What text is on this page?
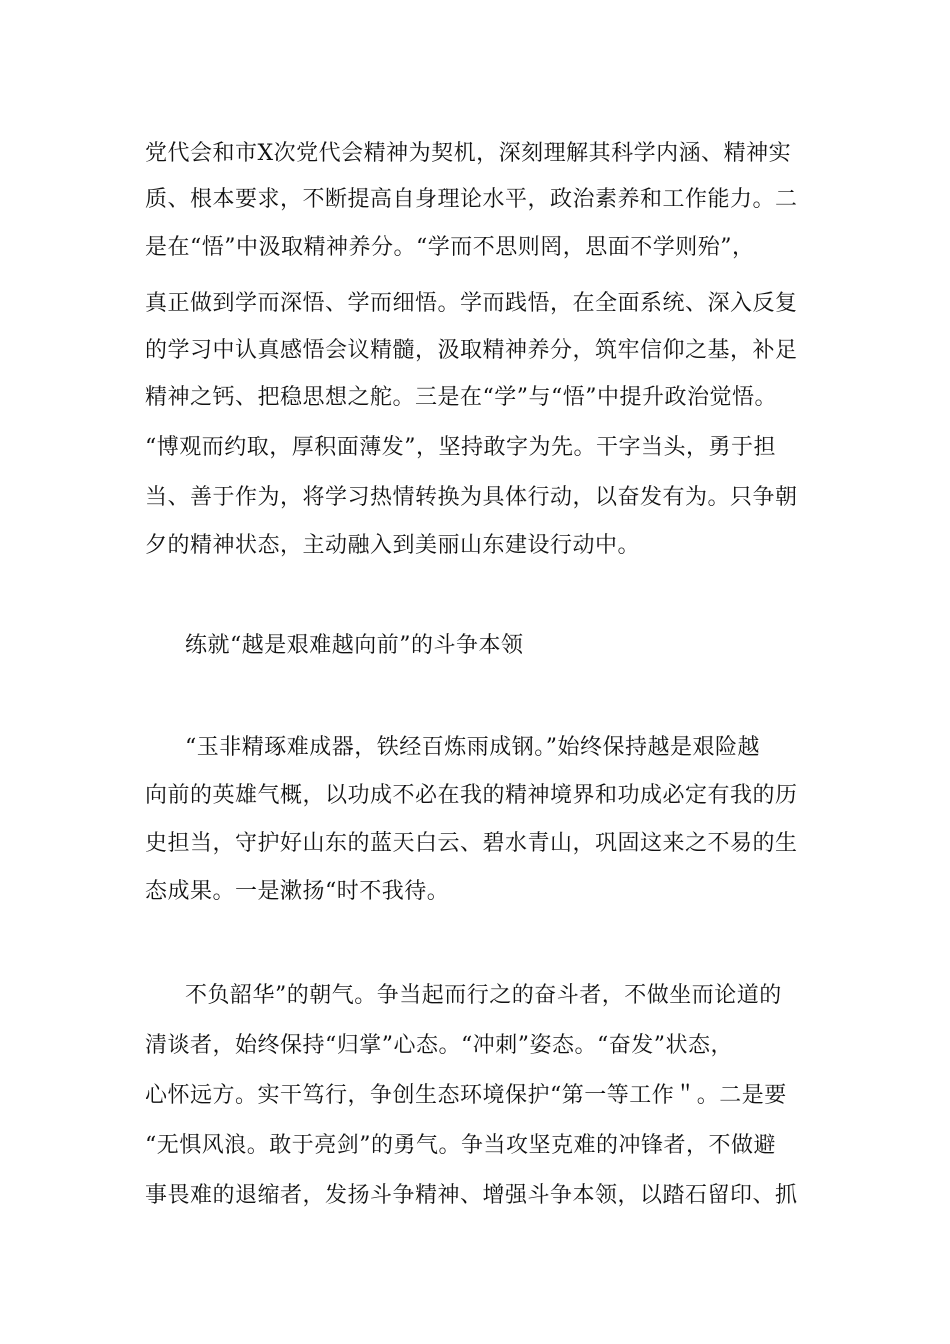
党代会和市X次党代会精神为契机，深刻理解其科学内涵、精神实
质、根本要求，不断提高自身理论水平，政治素养和工作能力。二
是在“悟”中汲取精神养分。“学而不思则罔，思面不学则殆”，
真正做到学而深悟、学而细悟。学而践悟，在全面系统、深入反复
的学习中认真感悟会议精髓，汲取精神养分，筑牢信仰之基，补足
精神之钙、把稳思想之舵。三是在“学”与“悟”中提升政治觉悟。
“博观而约取，厚积面薄发”，坚持敢字为先。干字当头，勇于担
当、善于作为，将学习热情转换为具体行动，以奋发有为。只争朝
夕的精神状态，主动融入到美丽山东建设行动中。
练就“越是艰难越向前”的斗争本领
“玉非精琢难成器，铁经百炼雨成钢。”始终保持越是艰险越
向前的英雄气概，以功成不必在我的精神境界和功成必定有我的历
史担当，守护好山东的蓝天白云、碧水青山，巩固这来之不易的生
态成果。一是漱扬“时不我待。
不负韶华”的朝气。争当起而行之的奋斗者，不做坐而论道的
清谈者，始终保持“归掌”心态。“冲刺”姿态。“奋发”状态，
心怀远方。实干笃行，争创生态环境保护“第一等工作＂。二是要
“无惧风浪。敢于亮剑”的勇气。争当攻坚克难的冲锋者，不做避
事畏难的退缩者，发扬斗争精神、增强斗争本领，以踏石留印、抓
